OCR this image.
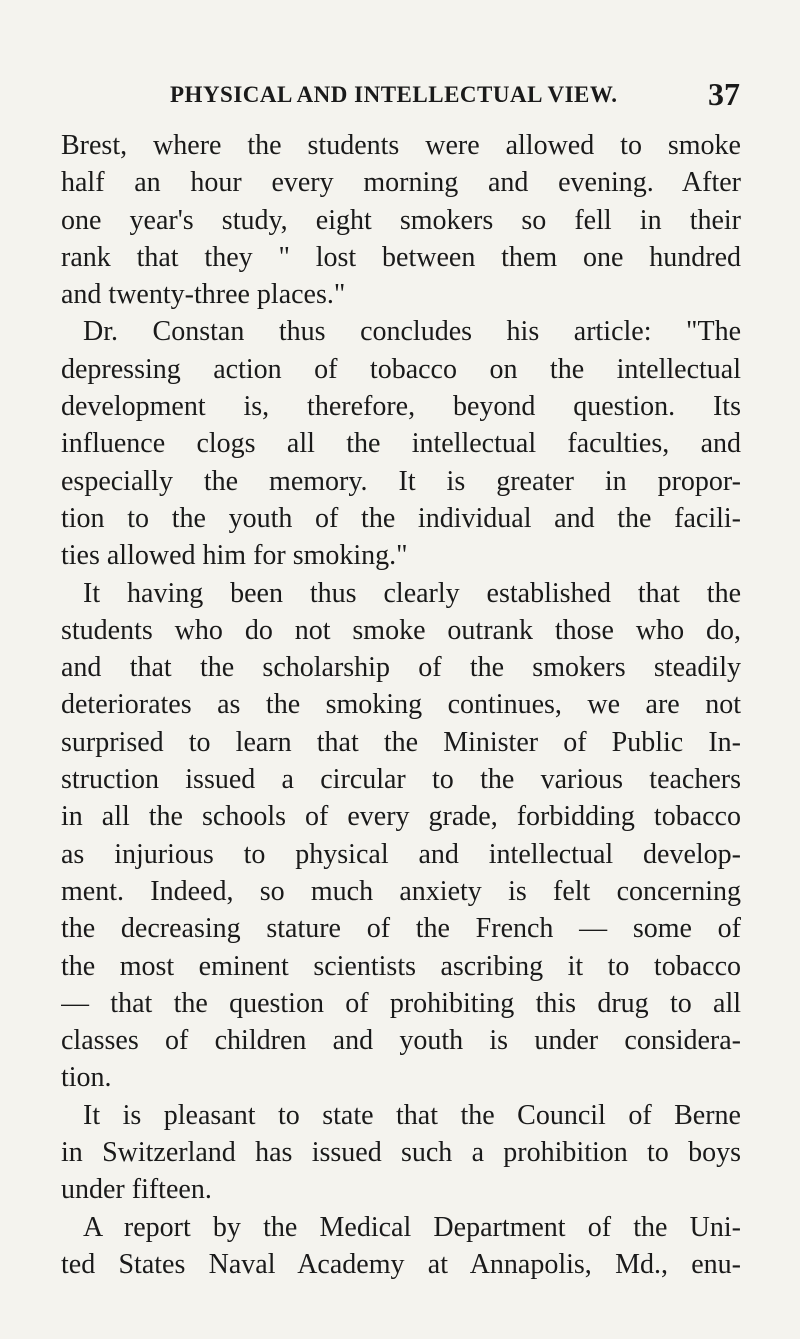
PHYSICAL AND INTELLECTUAL VIEW.	37
Brest, where the students were allowed to smoke
half an hour every morning and evening. After
one year's study, eight smokers so fell in their
rank that they " lost between them one hundred
and twenty-three places."
Dr. Constan thus concludes his article: "The
depressing action of tobacco on the intellectual
development is, therefore, beyond question. Its
influence clogs all the intellectual faculties, and
especially the memory. It is greater in propor-
tion to the youth of the individual and the facili-
ties allowed him for smoking."
It having been thus clearly established that the
students who do not smoke outrank those who do,
and that the scholarship of the smokers steadily
deteriorates as the smoking continues, we are not
surprised to learn that the Minister of Public In-
struction issued a circular to the various teachers
in all the schools of every grade, forbidding tobacco
as injurious to physical and intellectual develop-
ment. Indeed, so much anxiety is felt concerning
the decreasing stature of the French — some of
the most eminent scientists ascribing it to tobacco
— that the question of prohibiting this drug to all
classes of children and youth is under considera-
tion.
It is pleasant to state that the Council of Berne
in Switzerland has issued such a prohibition to boys
under fifteen.
A report by the Medical Department of the Uni-
ted States Naval Academy at Annapolis, Md., enu-
